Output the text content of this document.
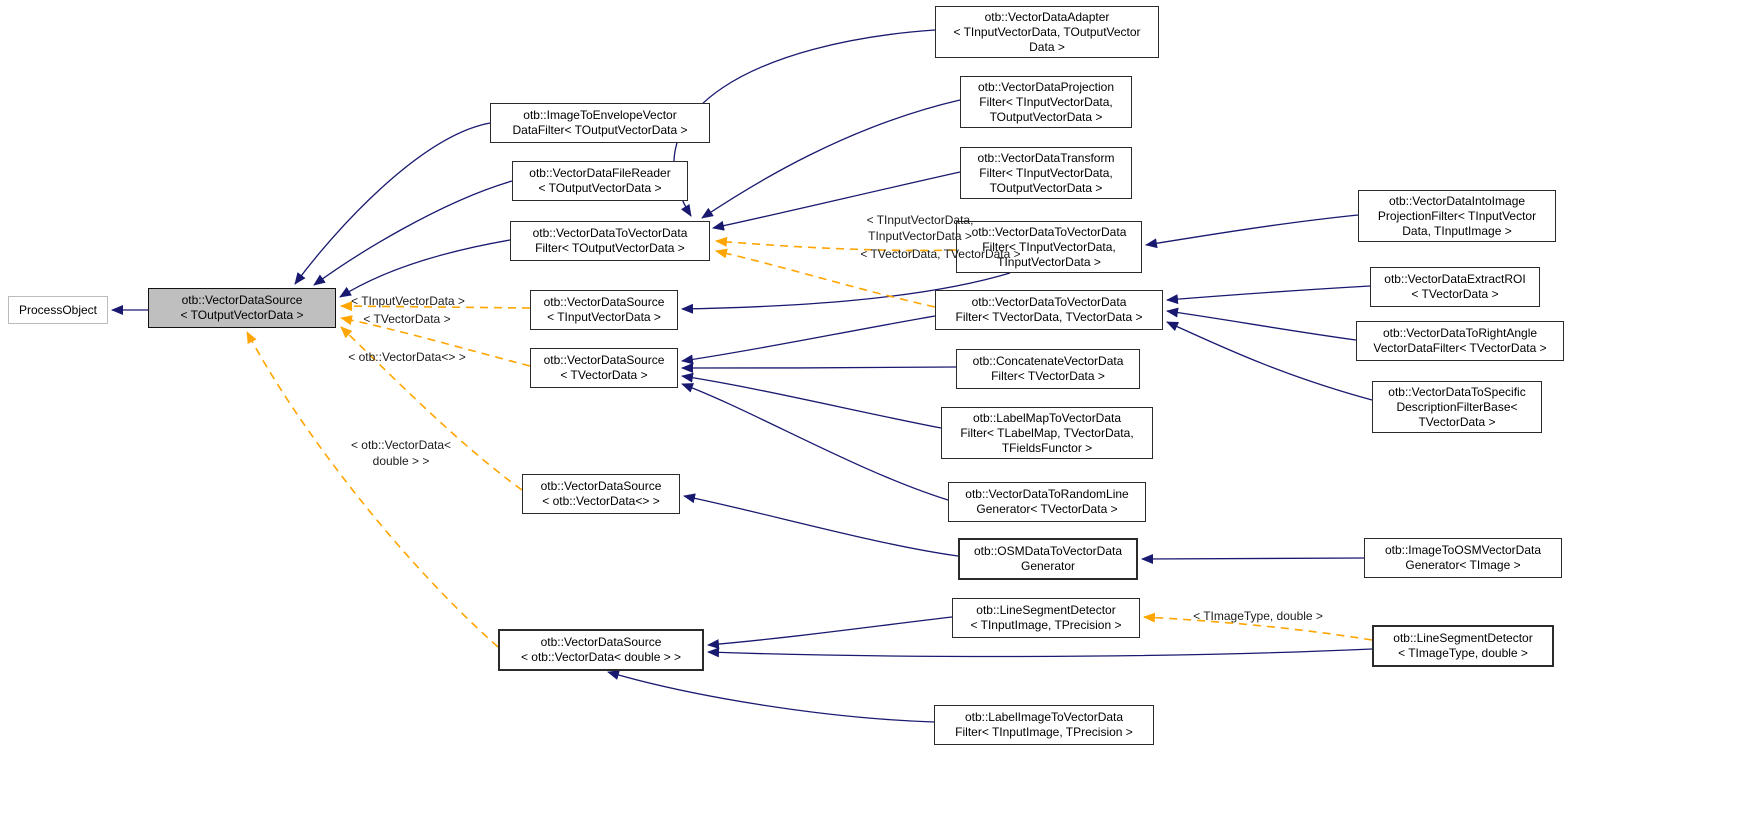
ProcessObject
otb::VectorDataSource
< TOutputVectorData >
otb::ImageToEnvelopeVector
DataFilter< TOutputVectorData >
otb::VectorDataFileReader
< TOutputVectorData >
otb::VectorDataToVectorData
Filter< TOutputVectorData >
otb::VectorDataAdapter
< TInputVectorData, TOutputVector
Data >
otb::VectorDataProjection
Filter< TInputVectorData,
TOutputVectorData >
otb::VectorDataTransform
Filter< TInputVectorData,
TOutputVectorData >
otb::VectorDataToVectorData
Filter< TInputVectorData,
TInputVectorData >
otb::VectorDataToVectorData
Filter< TVectorData, TVectorData >
otb::VectorDataSource
< TInputVectorData >
otb::VectorDataSource
< TVectorData >
otb::ConcatenateVectorData
Filter< TVectorData >
otb::LabelMapToVectorData
Filter< TLabelMap, TVectorData,
TFieldsFunctor >
otb::VectorDataToRandomLine
Generator< TVectorData >
otb::VectorDataSource
< otb::VectorData<> >
otb::OSMDataToVectorData
Generator
otb::ImageToOSMVectorData
Generator< TImage >
otb::LineSegmentDetector
< TInputImage, TPrecision >
otb::LineSegmentDetector
< TImageType, double >
otb::VectorDataSource
< otb::VectorData< double > >
otb::LabelImageToVectorData
Filter< TInputImage, TPrecision >
otb::VectorDataIntoImage
ProjectionFilter< TInputVector
Data, TInputImage >
otb::VectorDataExtractROI
< TVectorData >
otb::VectorDataToRightAngle
VectorDataFilter< TVectorData >
otb::VectorDataToSpecific
DescriptionFilterBase<
TVectorData >
< TInputVectorData,
TInputVectorData >
< TVectorData, TVectorData >
< TInputVectorData >
< TVectorData >
< otb::VectorData<> >
< otb::VectorData<
double > >
< TImageType, double >
